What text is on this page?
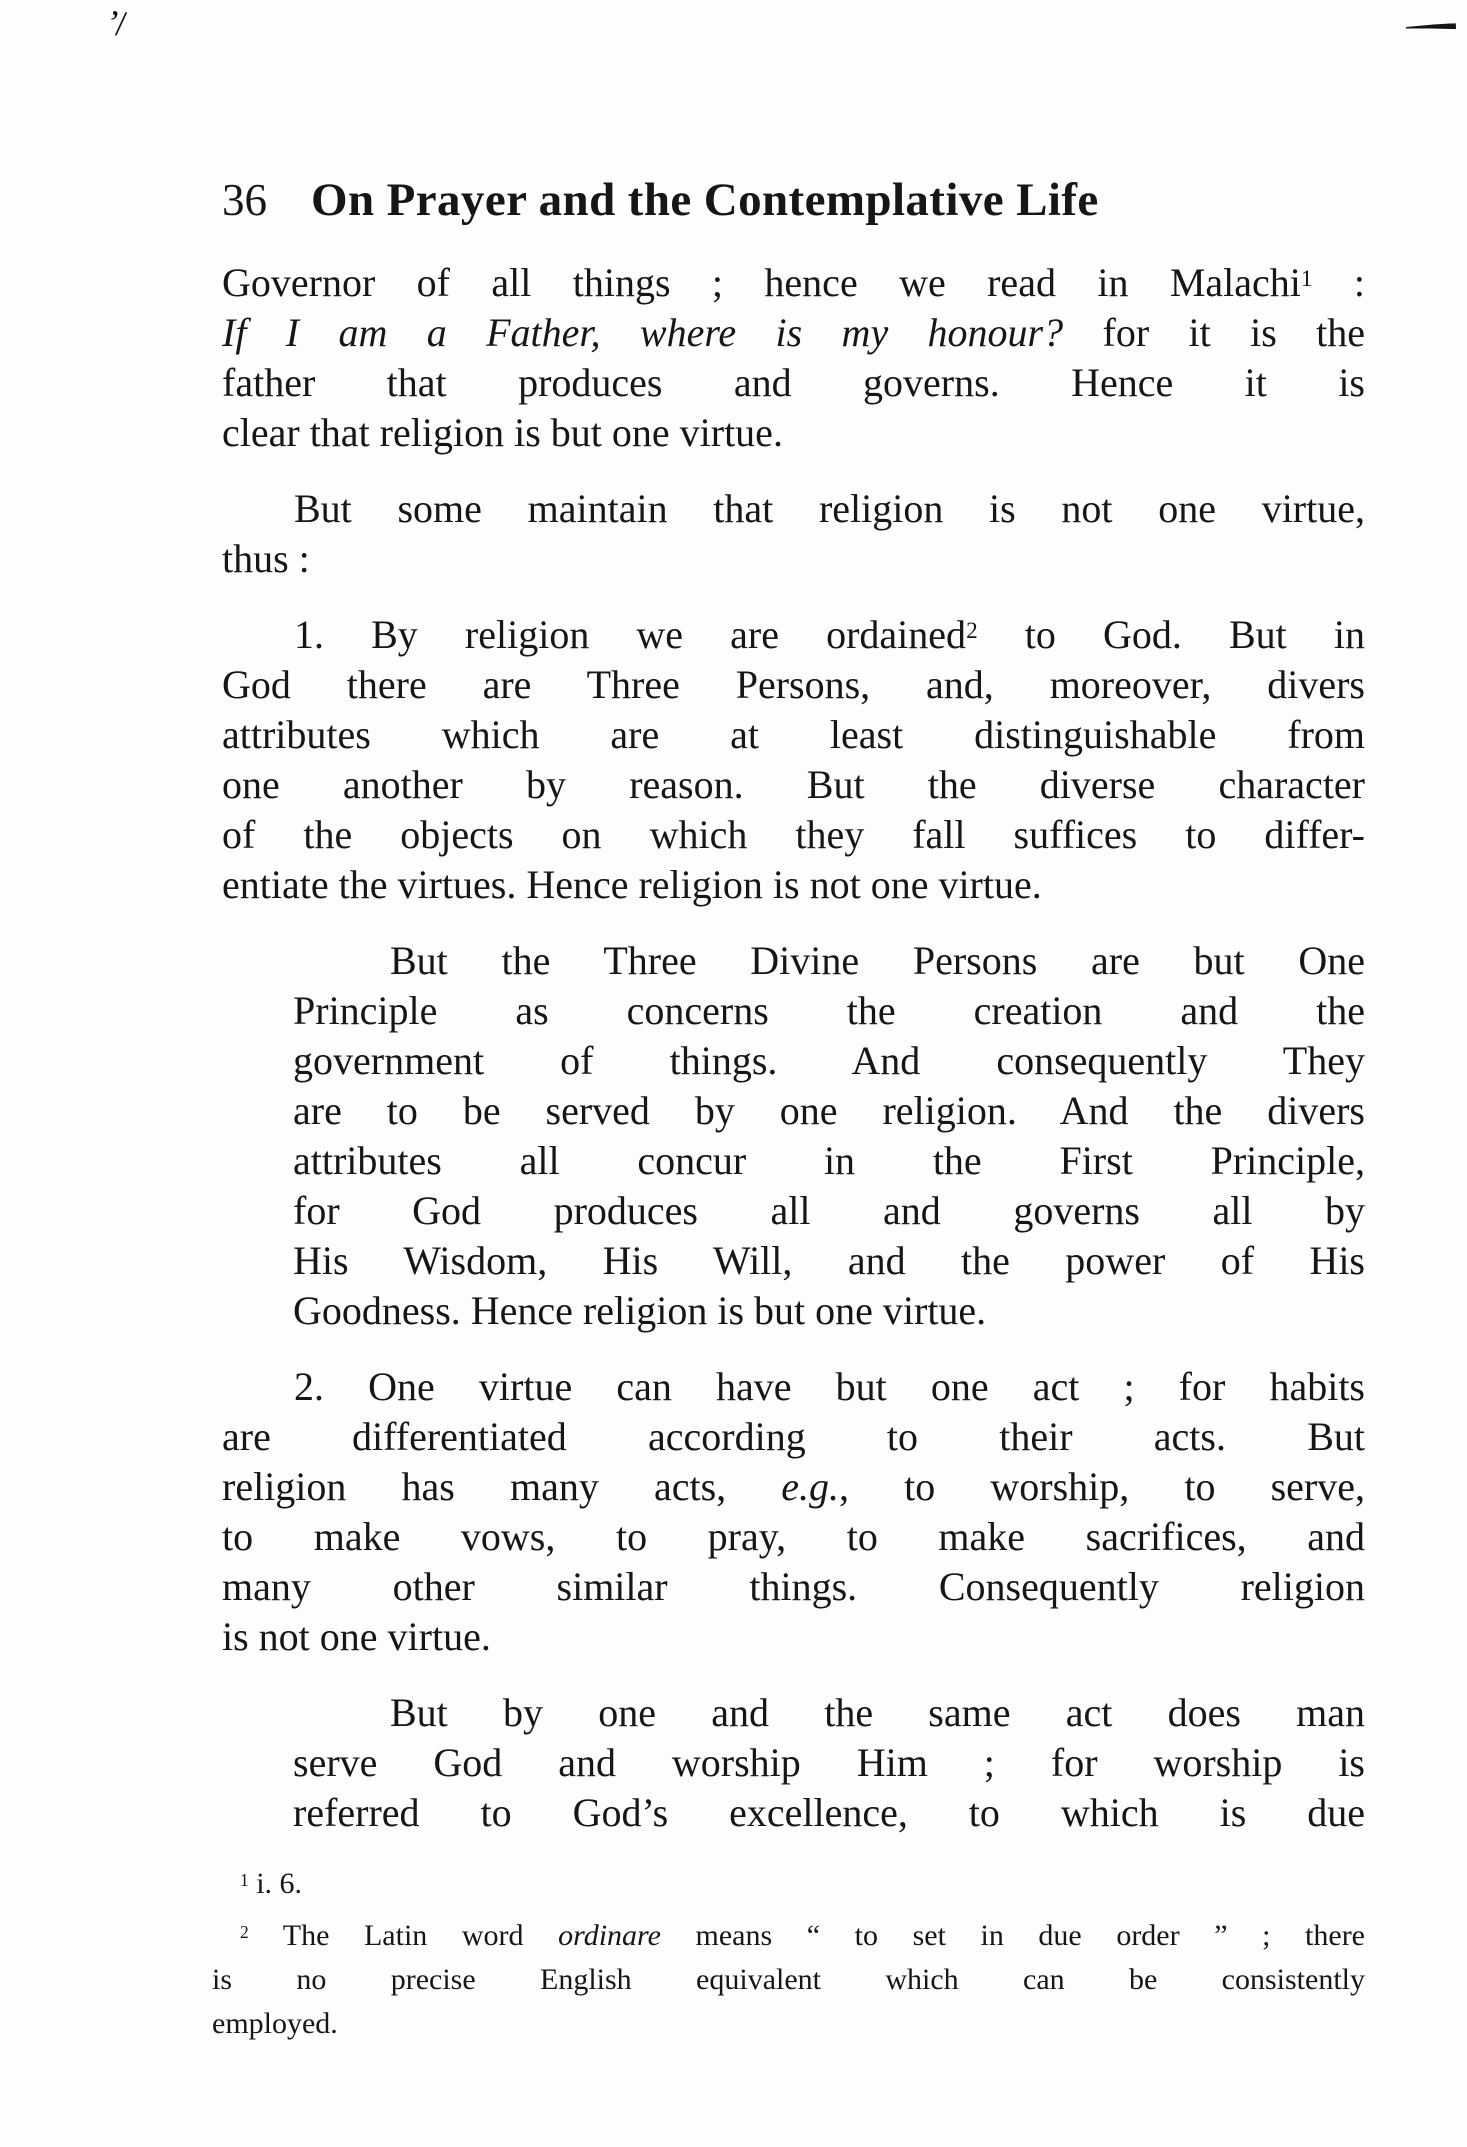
’/
36 On Prayer and the Contemplative Life
Governor of all things ; hence we read in Malachi$^1$ :
If I am a Father, where is my honour? for it is the
father that produces and governs. Hence it is
clear that religion is but one virtue.
But some maintain that religion is not one virtue,
thus :
1. By religion we are ordained$^2$ to God. But in
God there are Three Persons, and, moreover, divers
attributes which are at least distinguishable from
one another by reason. But the diverse character
of the objects on which they fall suffices to differ-
entiate the virtues. Hence religion is not one virtue.
But the Three Divine Persons are but One
Principle as concerns the creation and the
government of things. And consequently They
are to be served by one religion. And the divers
attributes all concur in the First Principle,
for God produces all and governs all by
His Wisdom, His Will, and the power of His
Goodness. Hence religion is but one virtue.
2. One virtue can have but one act ; for habits
are differentiated according to their acts. But
religion has many acts, e.g., to worship, to serve,
to make vows, to pray, to make sacrifices, and
many other similar things. Consequently religion
is not one virtue.
But by one and the same act does man
serve God and worship Him ; for worship is
referred to God’s excellence, to which is due
$^1$ i. 6.
$^2$ The Latin word ordinare means “ to set in due order ” ; there
is no precise English equivalent which can be consistently
employed.
